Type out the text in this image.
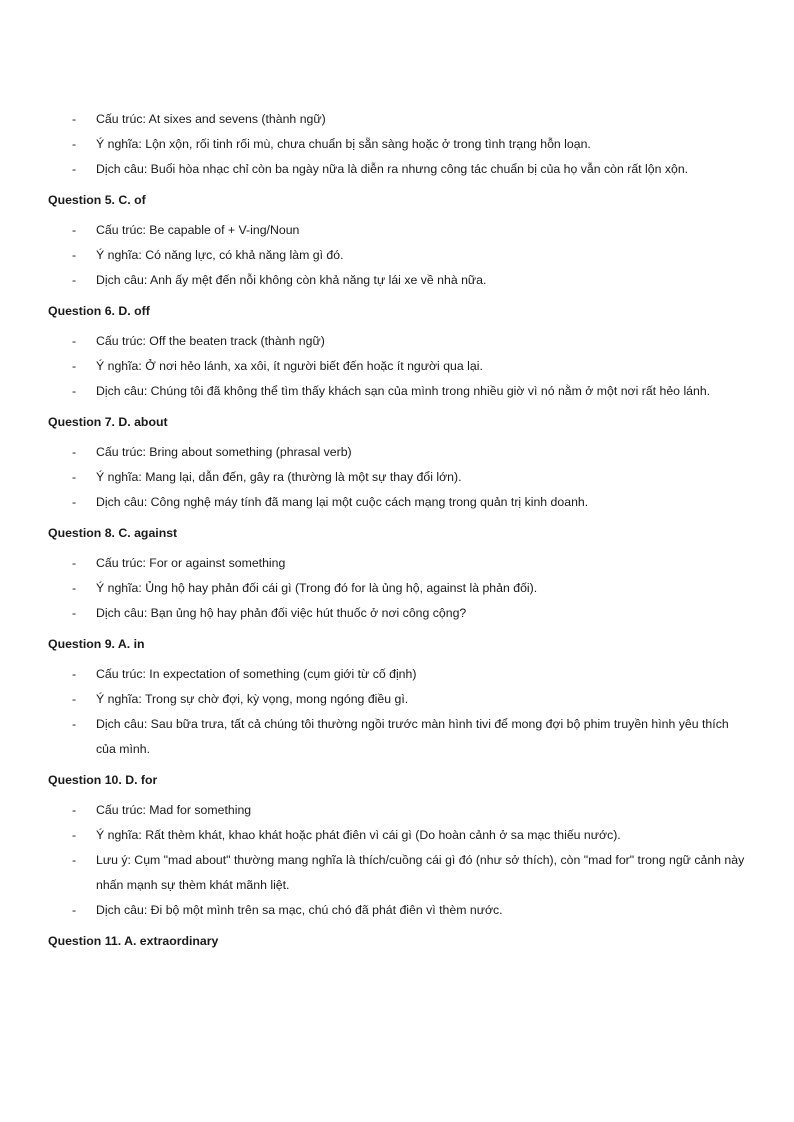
-	Cấu trúc: At sixes and sevens (thành ngữ)
-	Ý nghĩa: Lộn xộn, rối tinh rối mù, chưa chuẩn bị sẵn sàng hoặc ở trong tình trạng hỗn loạn.
-	Dịch câu: Buổi hòa nhạc chỉ còn ba ngày nữa là diễn ra nhưng công tác chuẩn bị của họ vẫn còn rất lộn xộn.
Question 5. C. of
-	Cấu trúc: Be capable of + V-ing/Noun
-	Ý nghĩa: Có năng lực, có khả năng làm gì đó.
-	Dịch câu: Anh ấy mệt đến nỗi không còn khả năng tự lái xe về nhà nữa.
Question 6. D. off
-	Cấu trúc: Off the beaten track (thành ngữ)
-	Ý nghĩa: Ở nơi hẻo lánh, xa xôi, ít người biết đến hoặc ít người qua lại.
-	Dịch câu: Chúng tôi đã không thể tìm thấy khách sạn của mình trong nhiều giờ vì nó nằm ở một nơi rất hẻo lánh.
Question 7. D. about
-	Cấu trúc: Bring about something (phrasal verb)
-	Ý nghĩa: Mang lại, dẫn đến, gây ra (thường là một sự thay đổi lớn).
-	Dịch câu: Công nghệ máy tính đã mang lại một cuộc cách mạng trong quản trị kinh doanh.
Question 8. C. against
-	Cấu trúc: For or against something
-	Ý nghĩa: Ủng hộ hay phản đối cái gì (Trong đó for là ủng hộ, against là phản đối).
-	Dịch câu: Bạn ủng hộ hay phản đối việc hút thuốc ở nơi công cộng?
Question 9. A. in
-	Cấu trúc: In expectation of something (cụm giới từ cố định)
-	Ý nghĩa: Trong sự chờ đợi, kỳ vọng, mong ngóng điều gì.
-	Dịch câu: Sau bữa trưa, tất cả chúng tôi thường ngồi trước màn hình tivi để mong đợi bộ phim truyền hình yêu thích của mình.
Question 10. D. for
-	Cấu trúc: Mad for something
-	Ý nghĩa: Rất thèm khát, khao khát hoặc phát điên vì cái gì (Do hoàn cảnh ở sa mạc thiếu nước).
-	Lưu ý: Cụm "mad about" thường mang nghĩa là thích/cuồng cái gì đó (như sở thích), còn "mad for" trong ngữ cảnh này nhấn mạnh sự thèm khát mãnh liệt.
-	Dịch câu: Đi bộ một mình trên sa mạc, chú chó đã phát điên vì thèm nước.
Question 11. A. extraordinary
